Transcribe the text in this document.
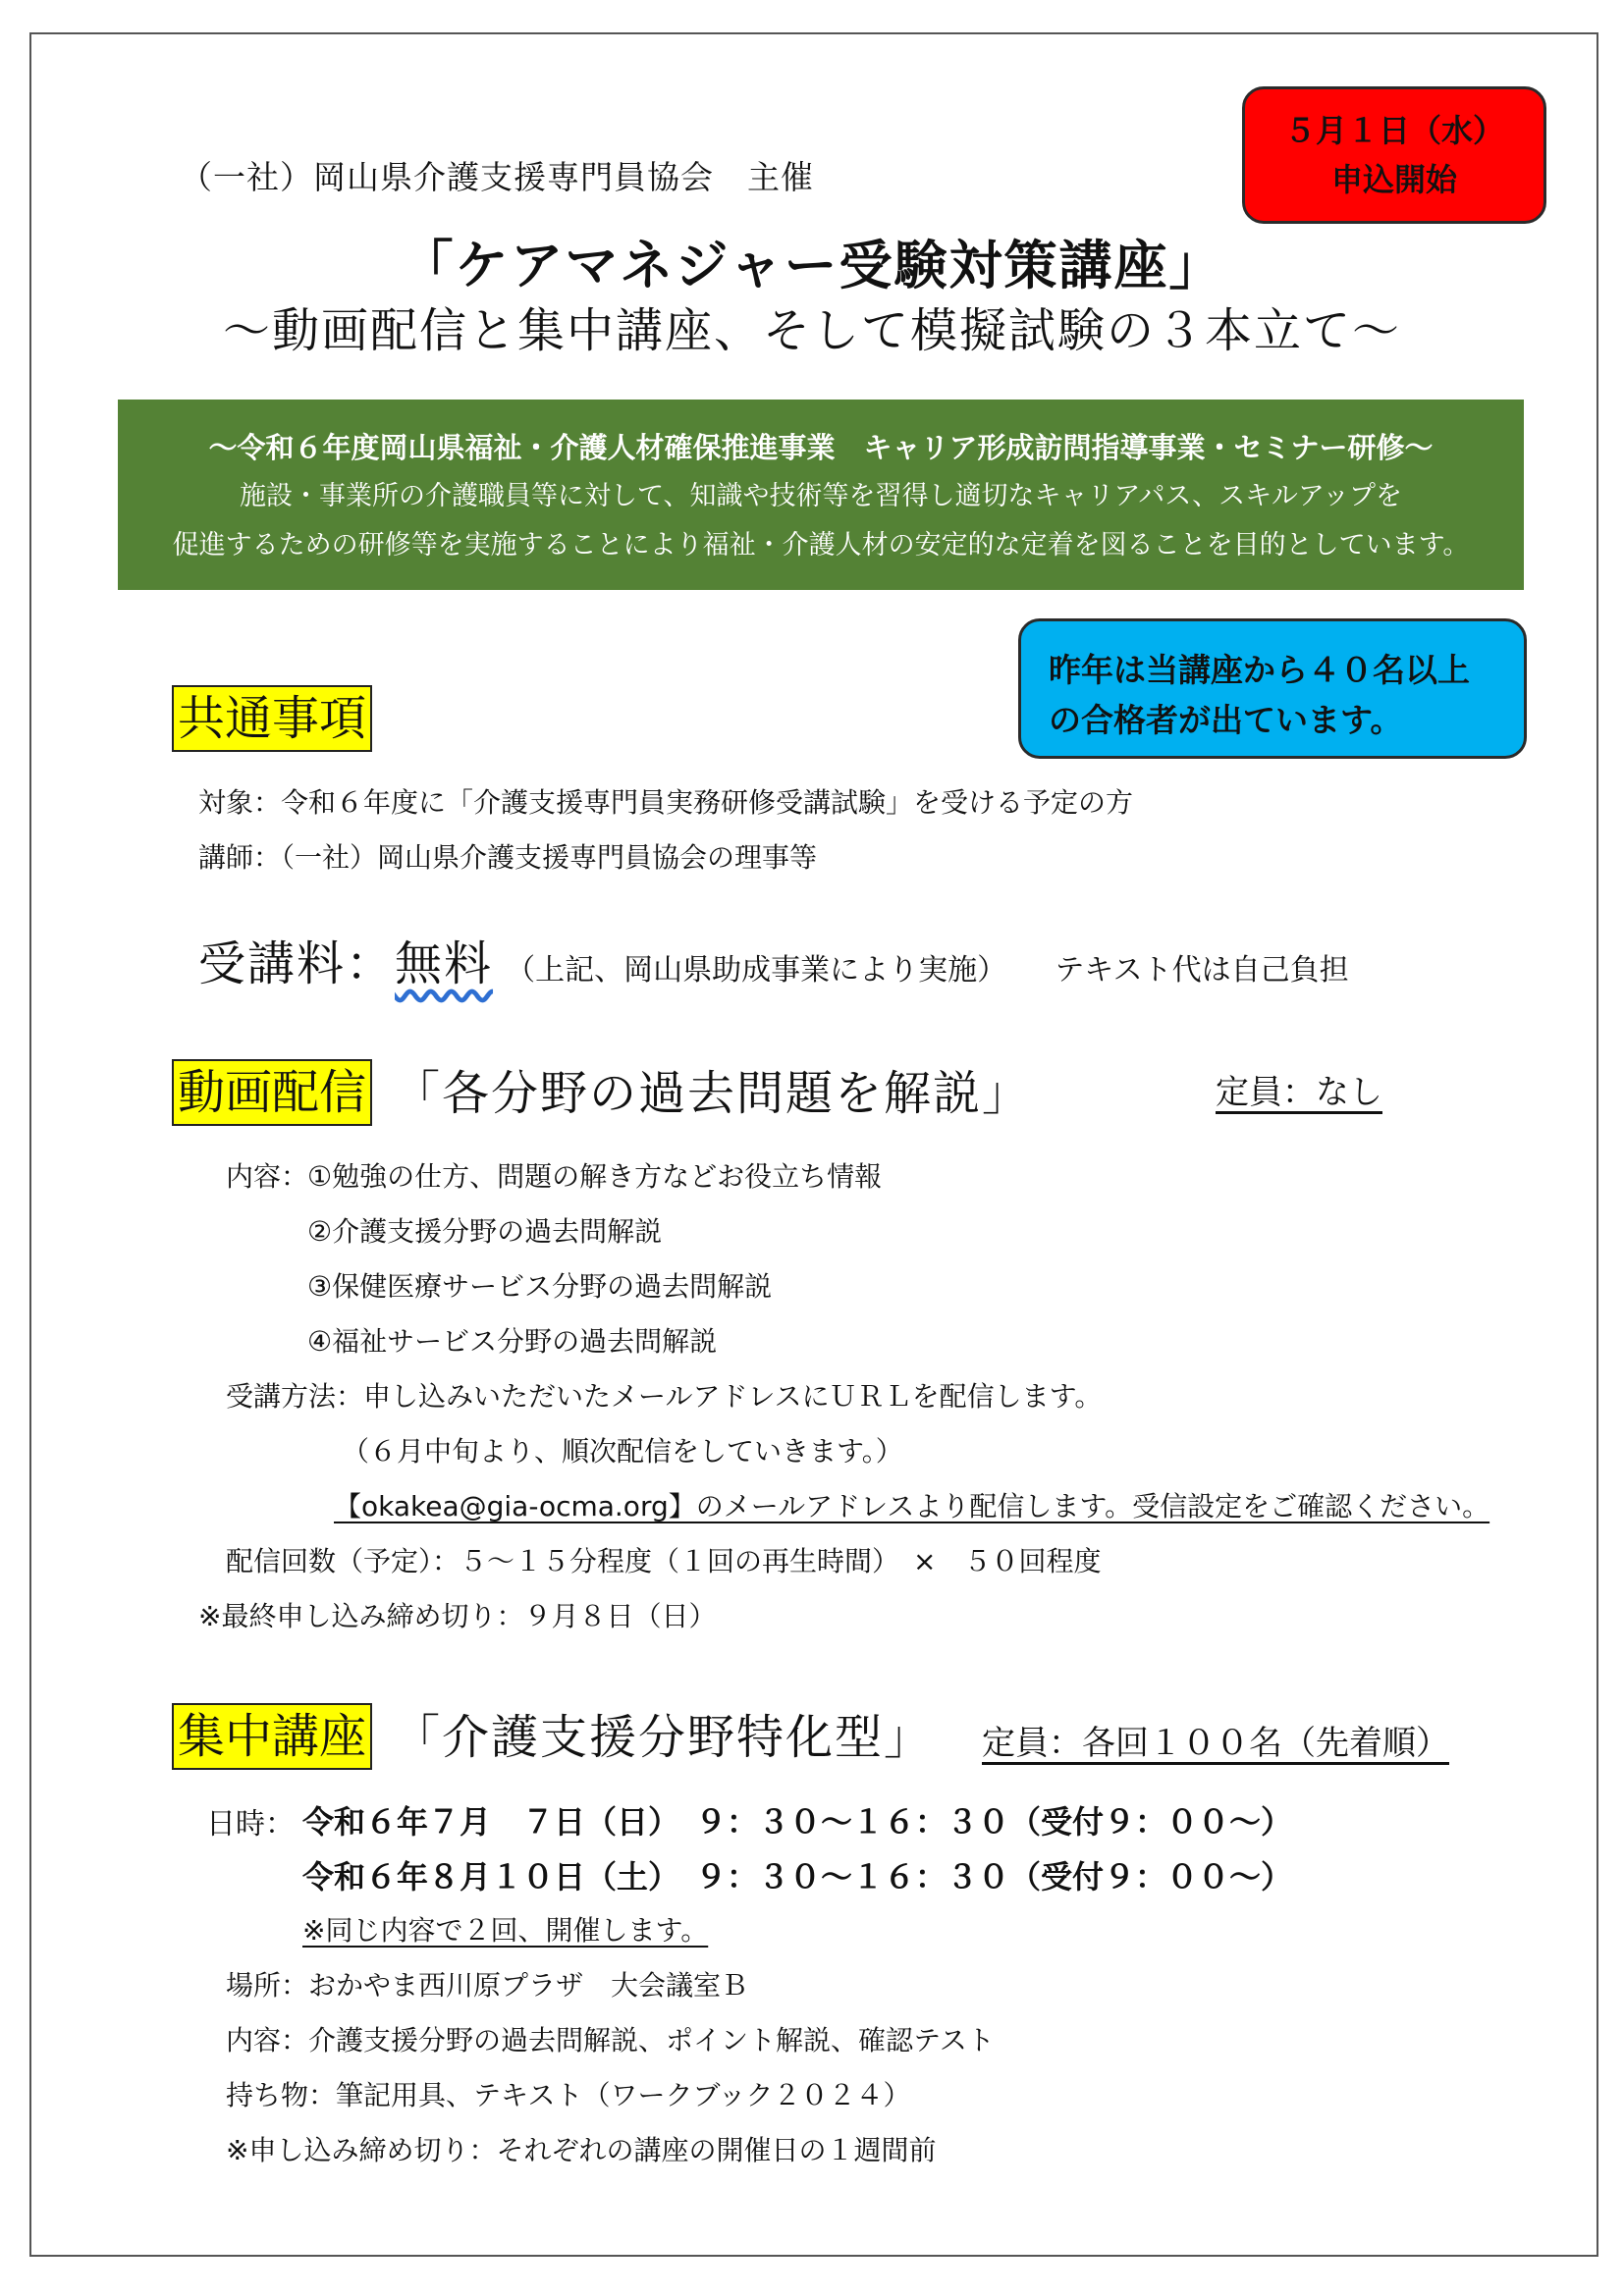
（一社）岡山県介護支援専門員協会　主催
５月１日（水）
申込開始
「ケアマネジャー受験対策講座」
～動画配信と集中講座、そして模擬試験の３本立て～
～令和６年度岡山県福祉・介護人材確保推進事業　キャリア形成訪問指導事業・セミナー研修～
施設・事業所の介護職員等に対して、知識や技術等を習得し適切なキャリアパス、スキルアップを
促進するための研修等を実施することにより福祉・介護人材の安定的な定着を図ることを目的としています。
昨年は当講座から４０名以上
の合格者が出ています。
共通事項
対象：令和６年度に「介護支援専門員実務研修受講試験」を受ける予定の方
講師：（一社）岡山県介護支援専門員協会の理事等
受講料：無料 （上記、岡山県助成事業により実施） テキスト代は自己負担
動画配信 「各分野の過去問題を解説」	定員：なし
内容：
①勉強の仕方、問題の解き方などお役立ち情報
②介護支援分野の過去問解説
③保健医療サービス分野の過去問解説
④福祉サービス分野の過去問解説
受講方法：申し込みいただいたメールアドレスにＵＲＬを配信します。
（６月中旬より、順次配信をしていきます。）
【okakea@gia-ocma.org】のメールアドレスより配信します。受信設定をご確認ください。
配信回数（予定）：５～１５分程度（１回の再生時間）　×　５０回程度
※最終申し込み締め切り：９月８日（日）
集中講座 「介護支援分野特化型」 定員：各回１００名（先着順）
日時： 令和６年７月　７日（日）　９：３０～１６：３０（受付９：００～）
令和６年８月１０日（土）　９：３０～１６：３０（受付９：００～）
※同じ内容で２回、開催します。
場所：おかやま西川原プラザ　大会議室Ｂ
内容：介護支援分野の過去問解説、ポイント解説、確認テスト
持ち物：筆記用具、テキスト（ワークブック２０２４）
※申し込み締め切り：それぞれの講座の開催日の１週間前
